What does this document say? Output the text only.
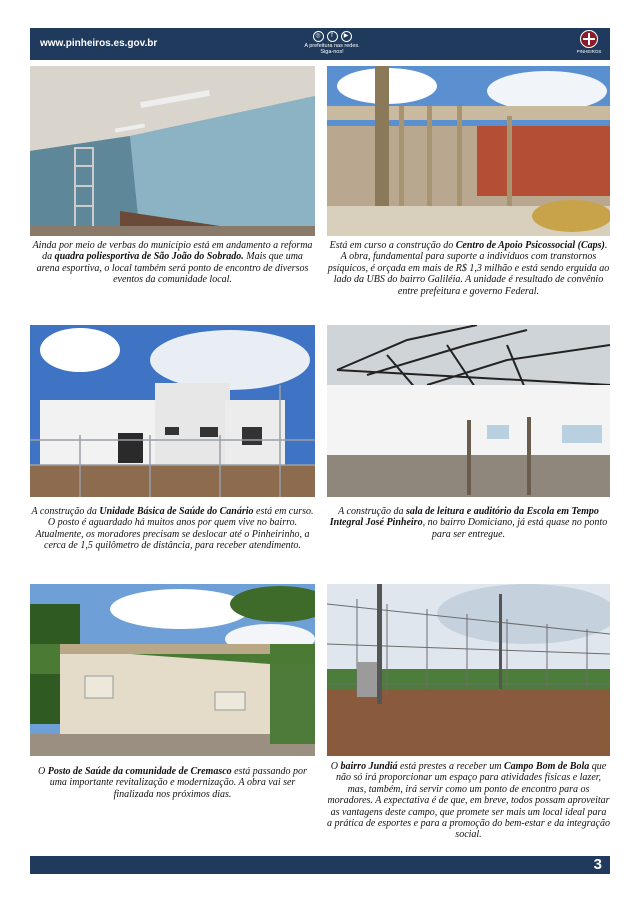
www.pinheiros.es.gov.br
◎	f	▶
A prefeitura nas redes.
Siga-nos!	PINHEIROS
Ainda por meio de verbas do município está em andamento a reforma da quadra poliesportiva de São João do Sobrado. Mais que uma arena esportiva, o local também será ponto de encontro de diversos eventos da comunidade local.
Está em curso a construção do Centro de Apoio Psicossocial (Caps). A obra, fundamental para suporte a indivíduos com transtornos psíquicos, é orçada em mais de R$ 1,3 milhão e está sendo erguida ao lado da UBS do bairro Galiléia. A unidade é resultado de convênio entre prefeitura e governo Federal.
A construção da Unidade Básica de Saúde do Canário está em curso. O posto é aguardado há muitos anos por quem vive no bairro. Atualmente, os moradores precisam se deslocar até o Pinheirinho, a cerca de 1,5 quilômetro de distância, para receber atendimento.
A construção da sala de leitura e auditório da Escola em Tempo Integral José Pinheiro, no bairro Domiciano, já está quase no ponto para ser entregue.
O Posto de Saúde da comunidade de Cremasco está passando por uma importante revitalização e modernização. A obra vai ser finalizada nos próximos dias.
O bairro Jundiá está prestes a receber um Campo Bom de Bola que não só irá proporcionar um espaço para atividades físicas e lazer, mas, também, irá servir como um ponto de encontro para os moradores. A expectativa é de que, em breve, todos possam aproveitar as vantagens deste campo, que promete ser mais um local ideal para a prática de esportes e para a promoção do bem-estar e da integração social.
3
